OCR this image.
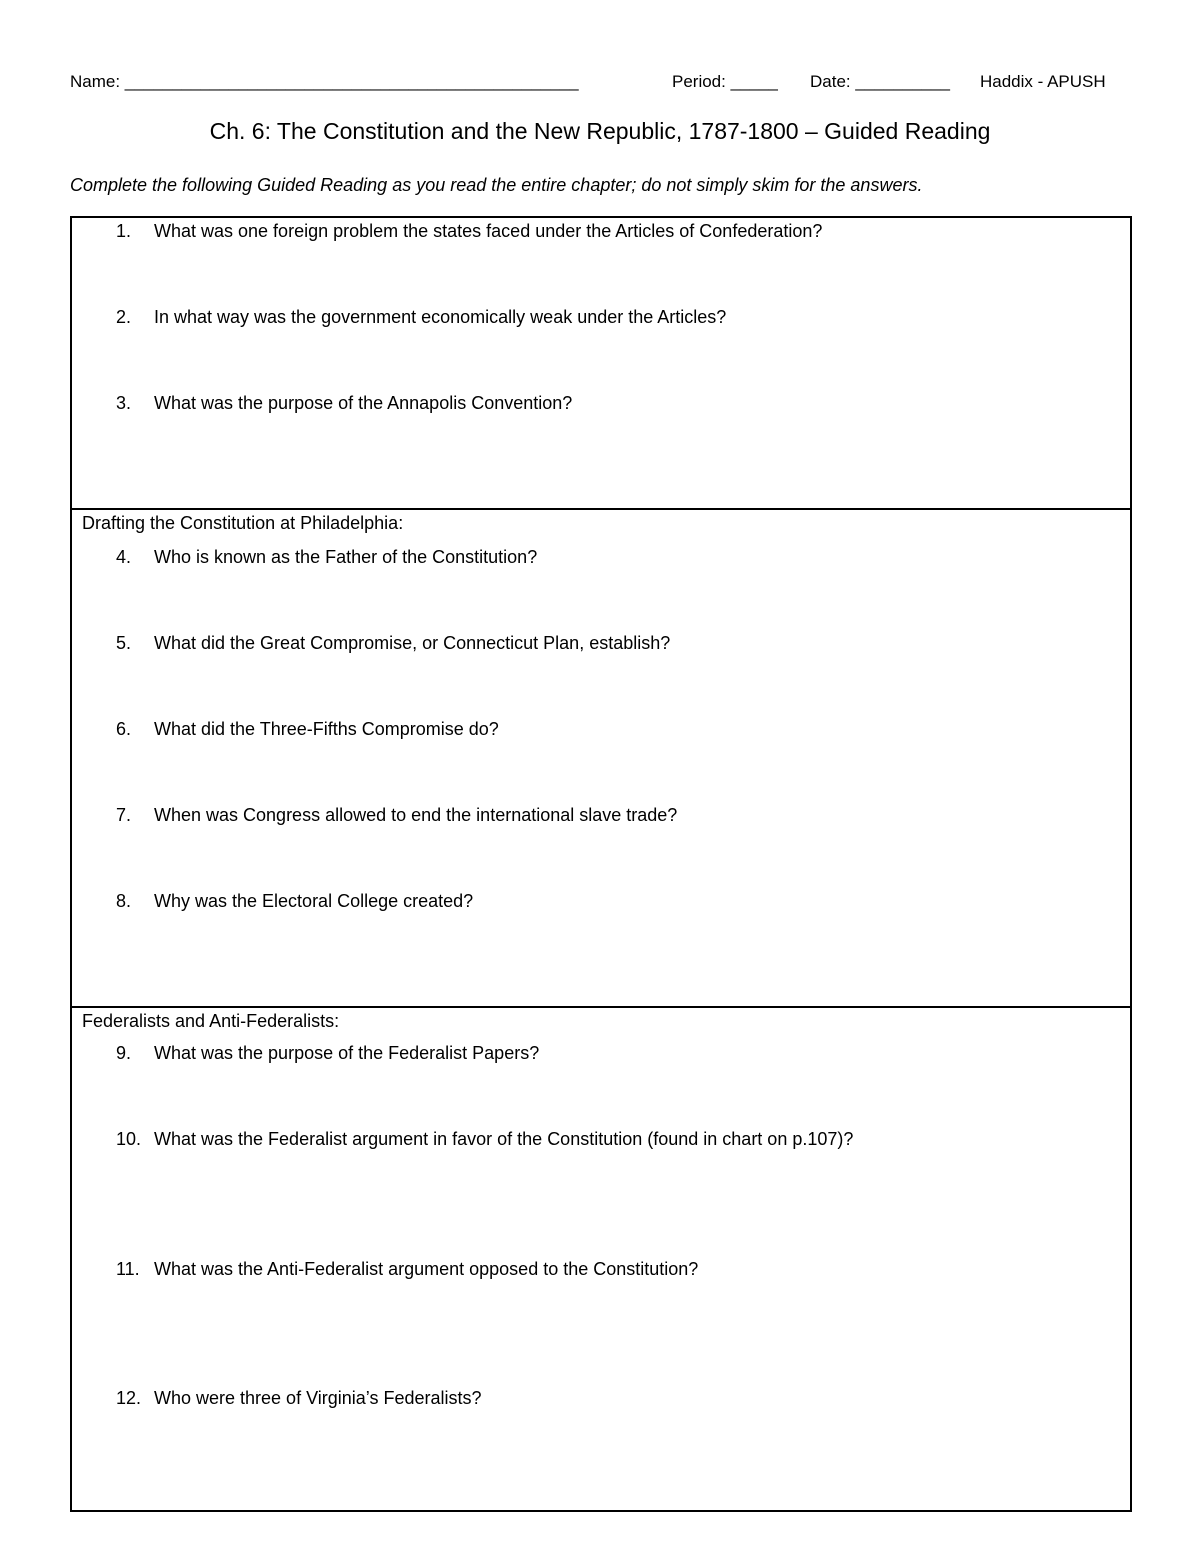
Name: ________________________________________________	Period: _____ Date: __________ Haddix - APUSH
Ch. 6: The Constitution and the New Republic, 1787-1800 – Guided Reading
Complete the following Guided Reading as you read the entire chapter; do not simply skim for the answers.
1. What was one foreign problem the states faced under the Articles of Confederation?
2. In what way was the government economically weak under the Articles?
3. What was the purpose of the Annapolis Convention?
Drafting the Constitution at Philadelphia:
4. Who is known as the Father of the Constitution?
5. What did the Great Compromise, or Connecticut Plan, establish?
6. What did the Three-Fifths Compromise do?
7. When was Congress allowed to end the international slave trade?
8. Why was the Electoral College created?
Federalists and Anti-Federalists:
9. What was the purpose of the Federalist Papers?
10. What was the Federalist argument in favor of the Constitution (found in chart on p.107)?
11. What was the Anti-Federalist argument opposed to the Constitution?
12. Who were three of Virginia’s Federalists?
